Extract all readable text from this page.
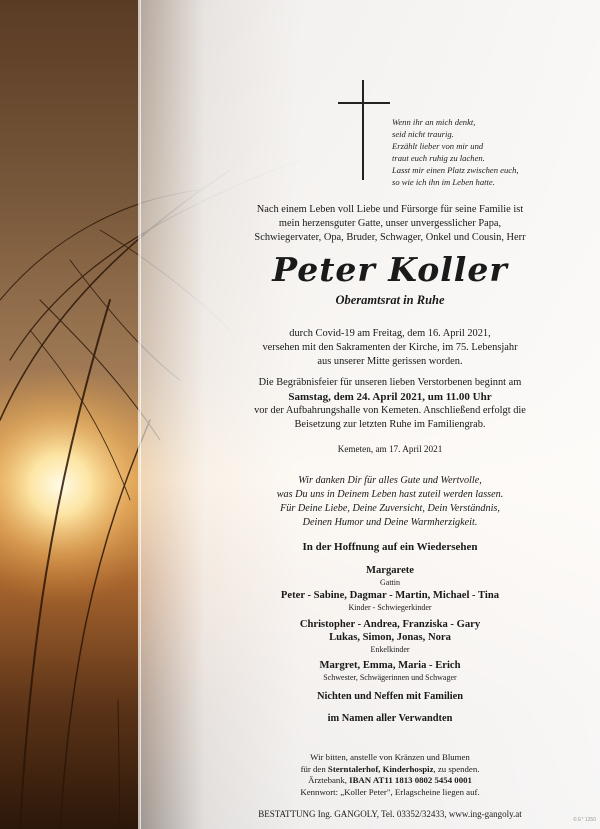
Wenn ihr an mich denkt,
seid nicht traurig.
Erzählt lieber von mir und
traut euch ruhig zu lachen.
Lasst mir einen Platz zwischen euch,
so wie ich ihn im Leben hatte.
Nach einem Leben voll Liebe und Fürsorge für seine Familie ist
mein herzensguter Gatte, unser unvergesslicher Papa,
Schwiegervater, Opa, Bruder, Schwager, Onkel und Cousin, Herr
Peter Koller
Oberamtsrat in Ruhe
durch Covid-19 am Freitag, dem 16. April 2021,
versehen mit den Sakramenten der Kirche, im 75. Lebensjahr
aus unserer Mitte gerissen worden.
Die Begräbnisfeier für unseren lieben Verstorbenen beginnt am
Samstag, dem 24. April 2021, um 11.00 Uhr
vor der Aufbahrungshalle von Kemeten. Anschließend erfolgt die
Beisetzung zur letzten Ruhe im Familiengrab.
Kemeten, am 17. April 2021
Wir danken Dir für alles Gute und Wertvolle,
was Du uns in Deinem Leben hast zuteil werden lassen.
Für Deine Liebe, Deine Zuversicht, Dein Verständnis,
Deinen Humor und Deine Warmherzigkeit.
In der Hoffnung auf ein Wiedersehen
Margarete
Gattin
Peter - Sabine, Dagmar - Martin, Michael - Tina
Kinder - Schwiegerkinder
Christopher - Andrea, Franziska - Gary
Lukas, Simon, Jonas, Nora
Enkelkinder
Margret, Emma, Maria - Erich
Schwester, Schwägerinnen und Schwager
Nichten und Neffen mit Familien
im Namen aller Verwandten
Wir bitten, anstelle von Kränzen und Blumen
für den Sterntalerhof, Kinderhospiz, zu spenden.
Ärztebank, IBAN AT11 1813 0802 5454 0001
Kennwort: „Koller Peter", Erlagscheine liegen auf.
BESTATTUNG Ing. GANGOLY, Tel. 03352/32433, www.ing-gangoly.at
© E° 1250
